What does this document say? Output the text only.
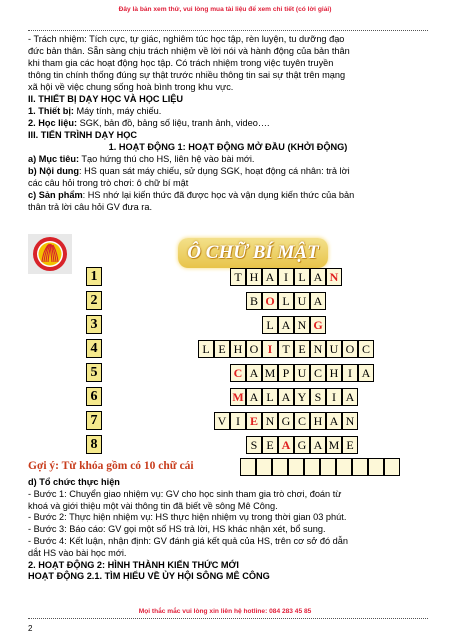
Đây là bản xem thử, vui lòng mua tài liệu để xem chi tiết (có lời giải)

- Trách nhiệm: Tích cực, tự giác, nghiêm túc học tập, rèn luyện, tu dưỡng đạo

đức bản thân. Sẵn sàng chịu trách nhiệm về lời nói và hành động của bản thân

khi tham gia các hoạt động học tập. Có trách nhiệm trong việc tuyên truyền

thông tin chính thống đúng sự thật trước nhiều thông tin sai sự thật trên mạng

xã hội về việc chung sống hoà bình trong khu vực.

II. THIẾT BỊ DẠY HỌC VÀ HỌC LIỆU

1. Thiết bị: Máy tính, máy chiếu.

2. Học liệu: SGK, bản đồ, bảng số liệu, tranh ảnh, video….

III. TIẾN TRÌNH DẠY HỌC

1. HOẠT ĐỘNG 1: HOẠT ĐỘNG MỞ ĐẦU (KHỞI ĐỘNG)

a) Mục tiêu: Tạo hứng thú cho HS, liên hệ vào bài mới.

b) Nội dung: HS quan sát máy chiếu, sử dụng SGK, hoạt động cá nhân: trả lời

các câu hỏi trong trò chơi: ô chữ bí mật

c) Sản phẩm: HS nhớ lại kiến thức đã được học và vận dụng kiến thức của bản

thân trả lời câu hỏi GV đưa ra.

Ô CHỮ BÍ MẬT
1	T H A I L A N
2	B O L U A
3	L A N G
4	L E H O I T E N U O C
5	C A M P U C H I A
6	M A L A Y S I A
7	V I E N G C H A N
8	S E A G A M E
Gợi ý: Từ khóa gồm có 10 chữ cái

d) Tổ chức thực hiện

- Bước 1: Chuyển giao nhiệm vụ: GV cho học sinh tham gia trò chơi, đoán từ

khoá và giới thiệu một vài thông tin đã biết về sông Mê Công.

- Bước 2: Thực hiện nhiệm vụ: HS thực hiện nhiệm vụ trong thời gian 03 phút.

- Bước 3: Báo cáo: GV gọi một số HS trả lời, HS khác nhận xét, bổ sung.

- Bước 4: Kết luận, nhận định: GV đánh giá kết quả của HS, trên cơ sở đó dẫn

dắt HS vào bài học mới.

2. HOẠT ĐỘNG 2: HÌNH THÀNH KIẾN THỨC MỚI

HOẠT ĐỘNG 2.1. TÌM HIỂU VỀ ỦY HỘI SÔNG MÊ CÔNG

Mọi thắc mắc vui lòng xin liên hệ hotline: 084 283 45 85
2
